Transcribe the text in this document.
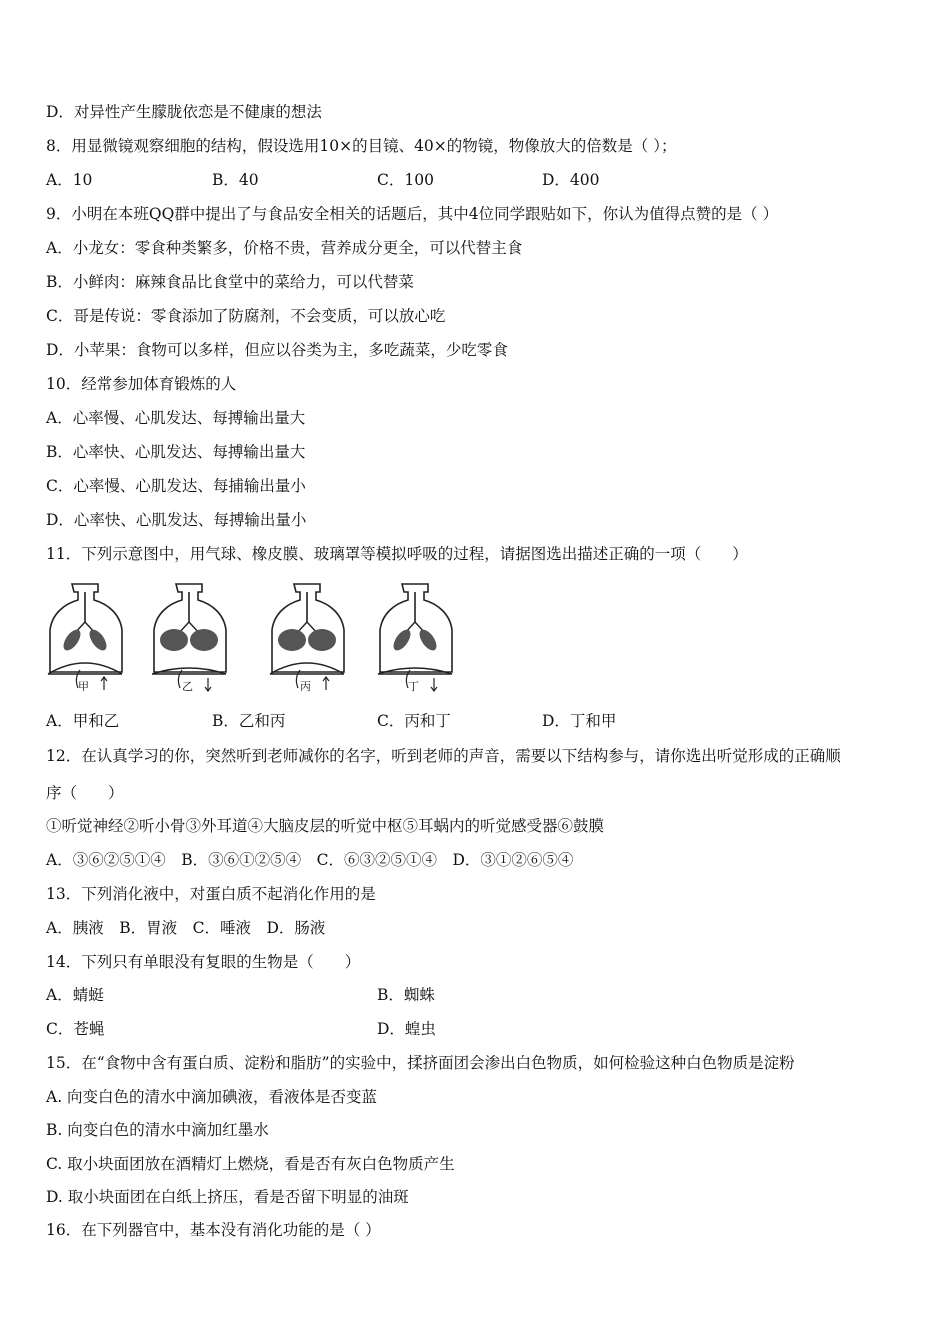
D．对异性产生朦胧依恋是不健康的想法
8．用显微镜观察细胞的结构，假设选用10×的目镜、40×的物镜，物像放大的倍数是（ ）；
A．10	B．40	C．100	D．400
9．小明在本班QQ群中提出了与食品安全相关的话题后，其中4位同学跟贴如下，你认为值得点赞的是（ ）
A．小龙女：零食种类繁多，价格不贵，营养成分更全，可以代替主食
B．小鲜肉：麻辣食品比食堂中的菜给力，可以代替菜
C．哥是传说：零食添加了防腐剂，不会变质，可以放心吃
D．小苹果：食物可以多样，但应以谷类为主，多吃蔬菜，少吃零食
10．经常参加体育锻炼的人
A．心率慢、心肌发达、每搏输出量大
B．心率快、心肌发达、每搏输出量大
C．心率慢、心肌发达、每捕输出量小
D．心率快、心肌发达、每搏输出量小
11．下列示意图中，用气球、橡皮膜、玻璃罩等模拟呼吸的过程，请据图选出描述正确的一项（　　）
甲	乙	丙	丁
A．甲和乙	B．乙和丙	C．丙和丁	D．丁和甲
12．在认真学习的你，突然听到老师减你的名字，听到老师的声音，需要以下结构参与，请你选出听觉形成的正确顺
序（　　）
①听觉神经②听小骨③外耳道④大脑皮层的听觉中枢⑤耳蜗内的听觉感受器⑥鼓膜
A．③⑥②⑤①④　B．③⑥①②⑤④　C．⑥③②⑤①④　D．③①②⑥⑤④
13．下列消化液中，对蛋白质不起消化作用的是
A．胰液　B．胃液　C．唾液　D．肠液
14．下列只有单眼没有复眼的生物是（　　）
A．蜻蜓	B．蜘蛛
C．苍蝇	D．蝗虫
15．在“食物中含有蛋白质、淀粉和脂肪”的实验中，揉挤面团会渗出白色物质，如何检验这种白色物质是淀粉
A. 向变白色的清水中滴加碘液，看液体是否变蓝
B. 向变白色的清水中滴加红墨水
C. 取小块面团放在酒精灯上燃烧，看是否有灰白色物质产生
D. 取小块面团在白纸上挤压，看是否留下明显的油斑
16．在下列器官中，基本没有消化功能的是（ ）
